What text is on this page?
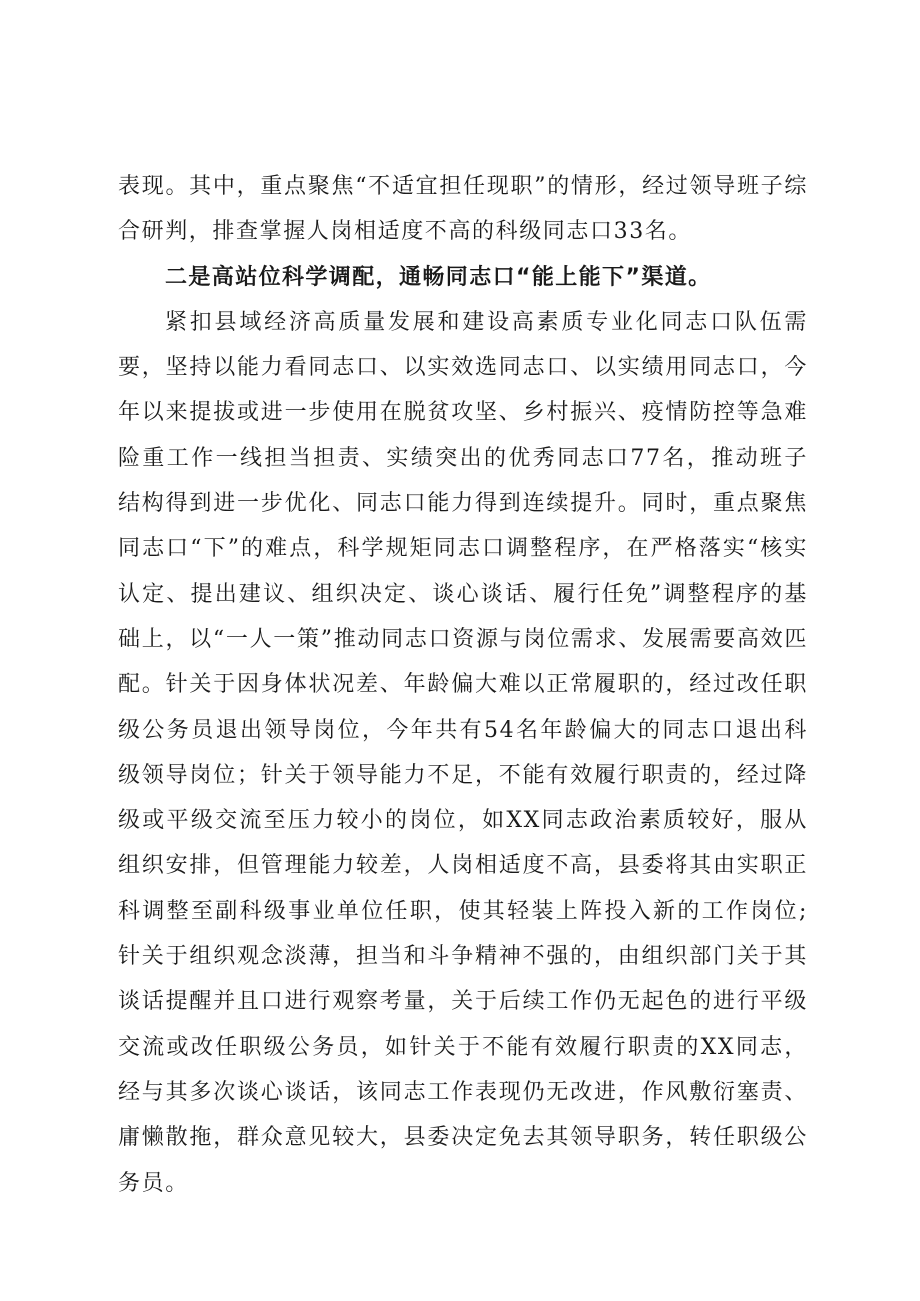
表现。其中，重点聚焦“不适宜担任现职”的情形，经过领导班子综合研判，排查掌握人岗相适度不高的科级同志口33名。

二是高站位科学调配，通畅同志口“能上能下”渠道。

紧扣县域经济高质量发展和建设高素质专业化同志口队伍需要，坚持以能力看同志口、以实效选同志口、以实绩用同志口，今年以来提拔或进一步使用在脱贫攻坚、乡村振兴、疫情防控等急难险重工作一线担当担责、实绩突出的优秀同志口77名，推动班子结构得到进一步优化、同志口能力得到连续提升。同时，重点聚焦同志口“下”的难点，科学规矩同志口调整程序，在严格落实“核实认定、提出建议、组织决定、谈心谈话、履行任免”调整程序的基础上，以“一人一策”推动同志口资源与岗位需求、发展需要高效匹配。针关于因身体状况差、年龄偏大难以正常履职的，经过改任职级公务员退出领导岗位，今年共有54名年龄偏大的同志口退出科级领导岗位；针关于领导能力不足，不能有效履行职责的，经过降级或平级交流至压力较小的岗位，如XX同志政治素质较好，服从组织安排，但管理能力较差，人岗相适度不高，县委将其由实职正科调整至副科级事业单位任职，使其轻装上阵投入新的工作岗位;针关于组织观念淡薄，担当和斗争精神不强的，由组织部门关于其谈话提醒并且口进行观察考量，关于后续工作仍无起色的进行平级交流或改任职级公务员，如针关于不能有效履行职责的XX同志，经与其多次谈心谈话，该同志工作表现仍无改进，作风敷衍塞责、庸懒散拖，群众意见较大，县委决定免去其领导职务，转任职级公务员。
